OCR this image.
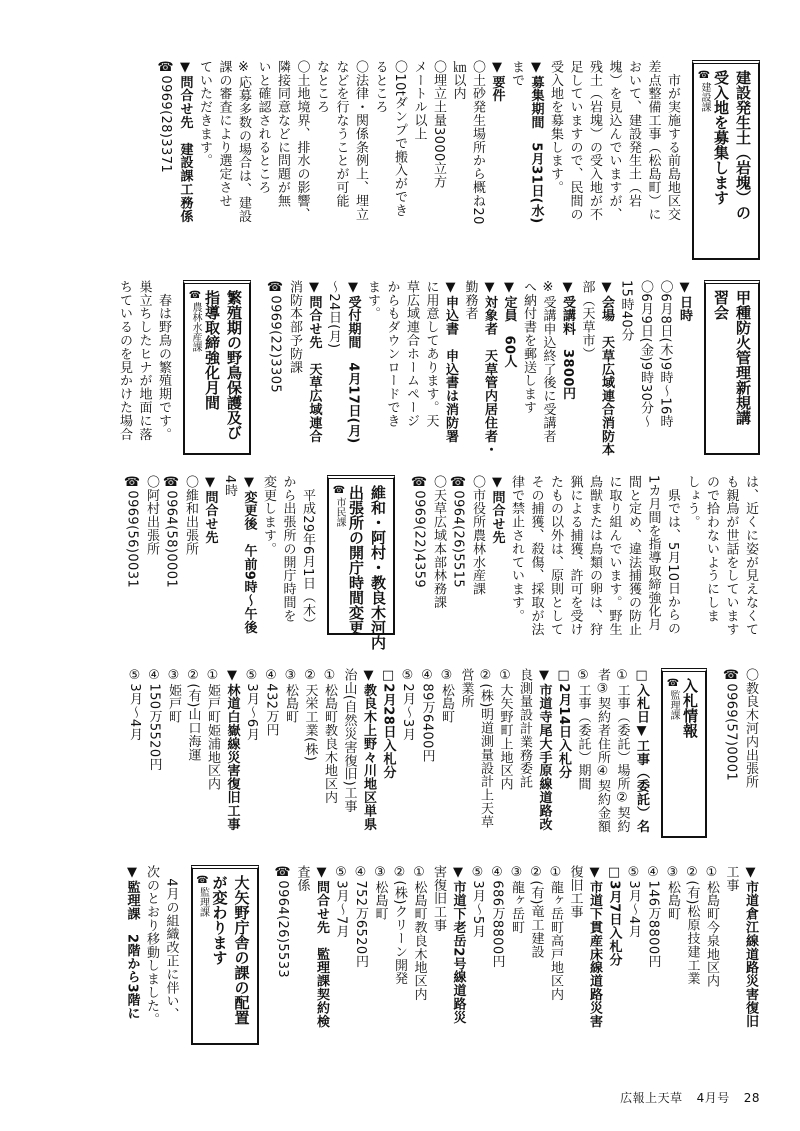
建設発生土（岩塊）の
受入地を募集します
☎
建設課
　市が実施する前島地区交
差点整備工事（松島町）に
おいて、建設発生土（岩
塊）を見込んでいますが、
残土（岩塊）の受入地が不
足していますので、民間の
受入地を募集します。
▼募集期間　5月31日(水)
まで
▼要件
〇土砂発生場所から概ね20
㎞以内
〇埋立土量3000立方
メートル以上
〇10tダンプで搬入ができ
るところ
〇法律・関係条例上、埋立
などを行なうことが可能
なところ
〇土地境界、排水の影響、
隣接同意などに問題が無
いと確認されるところ
※応募多数の場合は、建設
課の審査により選定させ
ていただきます。
▼問合せ先　建設課工務係
☎0969(28)3371
甲種防火管理新規講
習会
▼日時
〇6月8日(木)9時～16時
〇6月9日(金)9時30分～
15時40分
▼会場　天草広域連合消防本
部（天草市）
▼受講料　3800円
※受講申込終了後に受講者
へ納付書を郵送します
▼定員　60人
▼対象者　天草管内居住者・
勤務者
▼申込書　申込書は消防署
に用意してあります。天
草広域連合ホームページ
からもダウンロードでき
ます。
▼受付期間　4月17日(月)
～24日(月)
▼問合せ先　天草広域連合
消防本部予防課
☎0969(22)3305
繁殖期の野鳥保護及び
指導取締強化月間
☎
農林水産課
　春は野鳥の繁殖期です。
巣立ちしたヒナが地面に落
ちているのを見かけた場合
は、近くに姿が見えなくて
も親鳥が世話をしています
ので拾わないようにしま
しょう。
　県では、5月10日からの
1カ月間を指導取締強化月
間と定め、違法捕獲の防止
に取り組んでいます。野生
鳥獣または鳥類の卵は、狩
猟による捕獲、許可を受け
たもの以外は、原則として
その捕獲、殺傷、採取が法
律で禁止されています。
▼問合せ先
〇市役所農林水産課
☎0964(26)5515
〇天草広域本部林務課
☎0969(22)4359
維和・阿村・教良木河内
出張所の開庁時間変更
☎
市民課
　平成29年6月1日（木）
から出張所の開庁時間を
変更します。
▼変更後　午前9時～午後
4時
▼問合せ先
〇維和出張所
☎0964(58)0001
〇阿村出張所
☎0969(56)0031
〇教良木河内出張所
☎0969(57)0001
入札情報
☎
監理課
□入札日▼工事（委託）名
①工事（委託）場所②契約
者③契約者住所④契約金額
⑤工事（委託）期間
□2月14日入札分
▼市道寺尾大手原線道路改
良測量設計業務委託
①大矢野町上地区内
②(株)明道測量設計上天草
営業所
③松島町
④89万6400円
⑤2月～3月
□2月28日入札分
▼教良木上野々川地区単県
治山(自然災害復旧)工事
①松島町教良木地区内
②天栄工業(株)
③松島町
④432万円
⑤3月～6月
▼林道白嶽線災害復旧工事
①姫戸町姫浦地区内
②(有)山口海運
③姫戸町
④150万5520円
⑤3月～4月
▼市道倉江線道路災害復旧
工事
①松島町今泉地区内
②(有)松原技建工業
③松島町
④146万8800円
⑤3月～4月
□3月7日入札分
▼市道下貫産床線道路災害
復旧工事
①龍ヶ岳町高戸地区内
②(有)竜工建設
③龍ヶ岳町
④686万8800円
⑤3月～5月
▼市道下老岳2号線道路災
害復旧工事
①松島町教良木地区内
②(株)クリーン開発
③松島町
④752万6520円
⑤3月～7月
▼問合せ先　監理課契約検
査係
☎0964(26)5533
大矢野庁舎の課の配置
が変わります
☎
監理課
　4月の組織改正に伴い、
次のとおり移動しました。
▼監理課　2階から3階に
広報上天草 4月号 28
